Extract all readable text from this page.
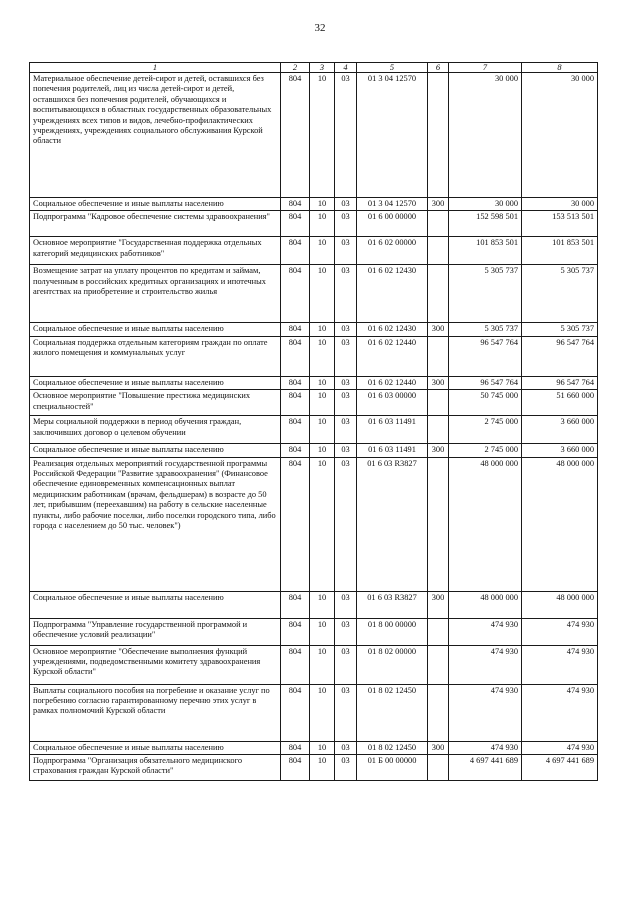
32
1	2	3	4	5	6	7	8
Материальное обеспечение детей-сирот и детей, оставшихся без попечения родителей, лиц из числа детей-сирот и детей, оставшихся без попечения родителей, обучающихся и воспитывающихся в областных государственных образовательных учреждениях всех типов и видов, лечебно-профилактических учреждениях, учреждениях социального обслуживания Курской области	804	10	03	01 3 04 12570		30 000	30 000
Социальное обеспечение и иные выплаты населению	804	10	03	01 3 04 12570	300	30 000	30 000
Подпрограмма "Кадровое обеспечение системы здравоохранения"	804	10	03	01 6 00 00000		152 598 501	153 513 501
Основное мероприятие "Государственная поддержка отдельных категорий медицинских работников"	804	10	03	01 6 02 00000		101 853 501	101 853 501
Возмещение затрат на уплату процентов по кредитам и займам, полученным в российских кредитных организациях и ипотечных агентствах на приобретение и строительство жилья	804	10	03	01 6 02 12430		5 305 737	5 305 737
Социальное обеспечение и иные выплаты населению	804	10	03	01 6 02 12430	300	5 305 737	5 305 737
Социальная поддержка отдельным категориям граждан по оплате жилого помещения и коммунальных услуг	804	10	03	01 6 02 12440		96 547 764	96 547 764
Социальное обеспечение и иные выплаты населению	804	10	03	01 6 02 12440	300	96 547 764	96 547 764
Основное мероприятие "Повышение престижа медицинских специальностей"	804	10	03	01 6 03 00000		50 745 000	51 660 000
Меры социальной поддержки в период обучения граждан, заключивших договор о целевом обучении	804	10	03	01 6 03 11491		2 745 000	3 660 000
Социальное обеспечение и иные выплаты населению	804	10	03	01 6 03 11491	300	2 745 000	3 660 000
Реализация отдельных мероприятий государственной программы Российской Федерации "Развитие здравоохранения" (Финансовое обеспечение единовременных компенсационных выплат медицинским работникам (врачам, фельдшерам) в возрасте до 50 лет, прибывшим (переехавшим) на работу в сельские населенные пункты, либо рабочие поселки, либо поселки городского типа, либо города с населением до 50 тыс. человек")	804	10	03	01 6 03 R3827		48 000 000	48 000 000
Социальное обеспечение и иные выплаты населению	804	10	03	01 6 03 R3827	300	48 000 000	48 000 000
Подпрограмма "Управление государственной программой и обеспечение условий реализации"	804	10	03	01 8 00 00000		474 930	474 930
Основное мероприятие "Обеспечение выполнения функций учреждениями, подведомственными комитету здравоохранения Курской области"	804	10	03	01 8 02 00000		474 930	474 930
Выплаты социального пособия на погребение и оказание услуг по погребению согласно гарантированному перечню этих услуг в рамках полномочий Курской области	804	10	03	01 8 02 12450		474 930	474 930
Социальное обеспечение и иные выплаты населению	804	10	03	01 8 02 12450	300	474 930	474 930
Подпрограмма "Организация обязательного медицинского страхования граждан Курской области"	804	10	03	01 Б 00 00000		4 697 441 689	4 697 441 689
